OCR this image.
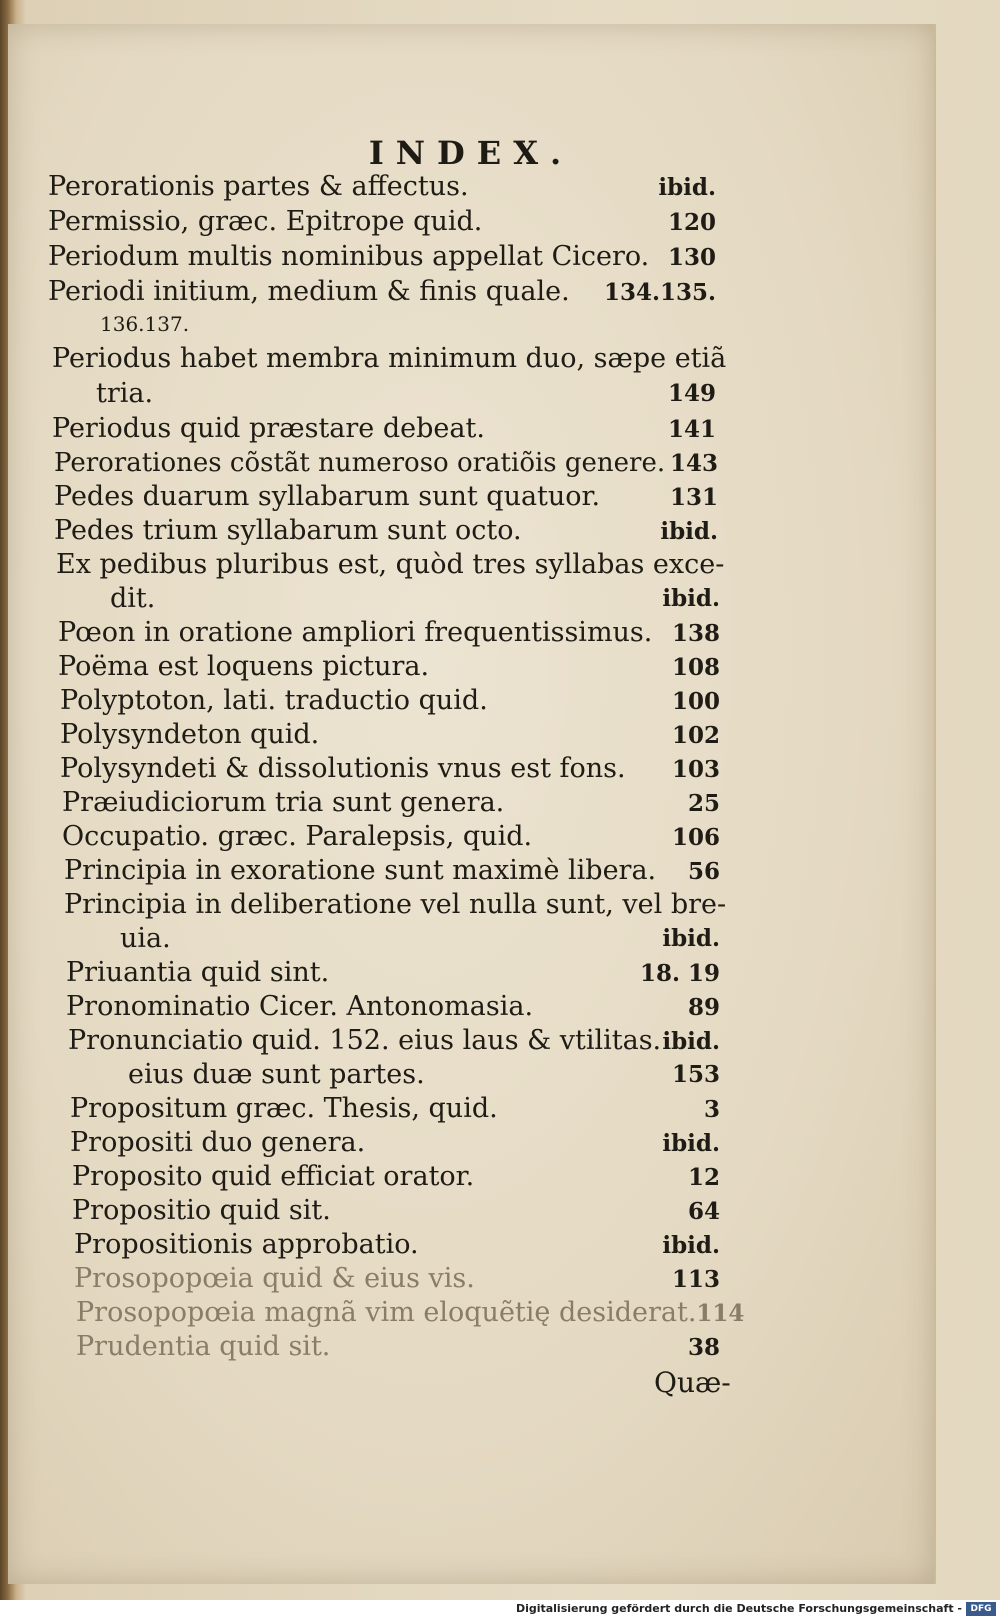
INDEX.
Perorationis partes & affectus.	ibid.
Permissio, græc. Epitrope quid.	120
Periodum multis nominibus appellat Cicero. 130
Periodi initium, medium & finis quale. 134.135.
136.137.
Periodus habet membra minimum duo, sæpe etiã
tria.	149
Periodus quid præstare debeat.	141
Perorationes cõstãt numeroso oratiõis genere. 143
Pedes duarum syllabarum sunt quatuor.	131
Pedes trium syllabarum sunt octo.	ibid.
Ex pedibus pluribus est, quòd tres syllabas exce-
dit.	ibid.
Pœon in oratione ampliori frequentissimus. 138
Poëma est loquens pictura.	108
Polyptoton, lati. traductio quid.	100
Polysyndeton quid.	102
Polysyndeti & dissolutionis vnus est fons. 103
Præiudiciorum tria sunt genera.	25
Occupatio. græc. Paralepsis, quid.	106
Principia in exoratione sunt maximè libera. 56
Principia in deliberatione vel nulla sunt, vel bre-
uia.	ibid.
Priuantia quid sint.	18. 19
Pronominatio Cicer. Antonomasia.	89
Pronunciatio quid. 152. eius laus & vtilitas. ibid.
eius duæ sunt partes.	153
Propositum græc. Thesis, quid.	3
Propositi duo genera.	ibid.
Proposito quid efficiat orator.	12
Propositio quid sit.	64
Propositionis approbatio.	ibid.
Prosopopœia quid & eius vis.	113
Prosopopœia magnã vim eloquẽtię desiderat. 114
Prudentia quid sit.	38
Quæ-
Digitalisierung gefördert durch die Deutsche Forschungsgemeinschaft - DFG
